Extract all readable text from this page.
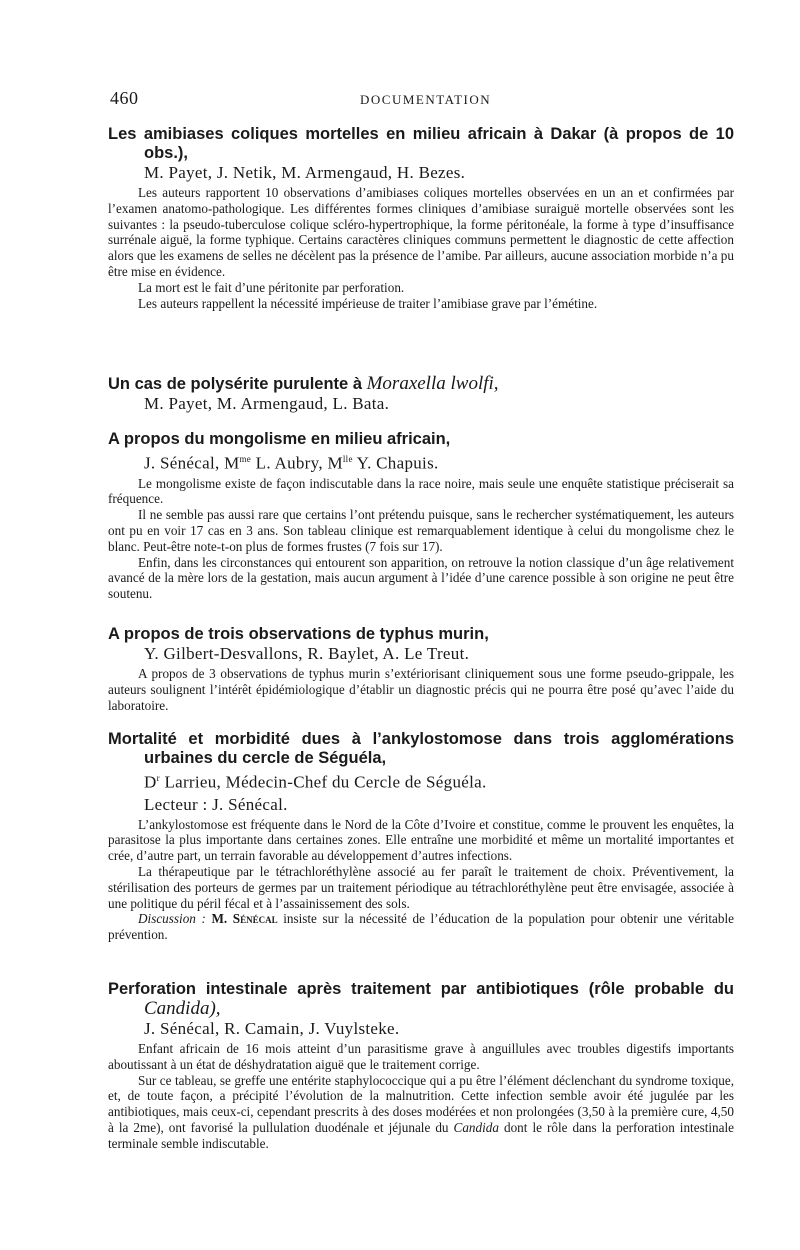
460	DOCUMENTATION

Les amibiases coliques mortelles en milieu africain à Dakar (à propos de 10 obs.),

M. Payet, J. Netik, M. Armengaud, H. Bezes.

Les auteurs rapportent 10 observations d’amibiases coliques mortelles observées en un an et confirmées par l’examen anatomo-pathologique. Les différentes formes cliniques d’amibiase suraiguë mortelle observées sont les suivantes : la pseudo-tuberculose colique scléro-hypertrophique, la forme péritonéale, la forme à type d’insuffisance surrénale aiguë, la forme typhique. Certains caractères cliniques communs permettent le diagnostic de cette affection alors que les examens de selles ne décèlent pas la présence de l’amibe. Par ailleurs, aucune association morbide n’a pu être mise en évidence.

La mort est le fait d’une péritonite par perforation.

Les auteurs rappellent la nécessité impérieuse de traiter l’amibiase grave par l’émétine.

Un cas de polysérite purulente à Moraxella lwolfi,

M. Payet, M. Armengaud, L. Bata.

A propos du mongolisme en milieu africain,

J. Sénécal, $M^{me}$ L. Aubry, $M^{lle}$ Y. Chapuis.

Le mongolisme existe de façon indiscutable dans la race noire, mais seule une enquête statistique préciserait sa fréquence.

Il ne semble pas aussi rare que certains l’ont prétendu puisque, sans le rechercher systématiquement, les auteurs ont pu en voir 17 cas en 3 ans. Son tableau clinique est remarquablement identique à celui du mongolisme chez le blanc. Peut-être note-t-on plus de formes frustes (7 fois sur 17).

Enfin, dans les circonstances qui entourent son apparition, on retrouve la notion classique d’un âge relativement avancé de la mère lors de la gestation, mais aucun argument à l’idée d’une carence possible à son origine ne peut être soutenu.

A propos de trois observations de typhus murin,

Y. Gilbert-Desvallons, R. Baylet, A. Le Treut.

A propos de 3 observations de typhus murin s’extériorisant cliniquement sous une forme pseudo-grippale, les auteurs soulignent l’intérêt épidémiologique d’établir un diagnostic précis qui ne pourra être posé qu’avec l’aide du laboratoire.

Mortalité et morbidité dues à l’ankylostomose dans trois agglomérations urbaines du cercle de Séguéla,

$D^r$ Larrieu, Médecin-Chef du Cercle de Séguéla.

Lecteur : J. Sénécal.

L’ankylostomose est fréquente dans le Nord de la Côte d’Ivoire et constitue, comme le prouvent les enquêtes, la parasitose la plus importante dans certaines zones. Elle entraîne une morbidité et même un mortalité importantes et crée, d’autre part, un terrain favorable au développement d’autres infections.

La thérapeutique par le tétrachloréthylène associé au fer paraît le traitement de choix. Préventivement, la stérilisation des porteurs de germes par un traitement périodique au tétrachloréthylène peut être envisagée, associée à une politique du péril fécal et à l’assainissement des sols.

Discussion : M. Sénécal insiste sur la nécessité de l’éducation de la population pour obtenir une véritable prévention.

Perforation intestinale après traitement par antibiotiques (rôle probable du Candida),

J. Sénécal, R. Camain, J. Vuylsteke.

Enfant africain de 16 mois atteint d’un parasitisme grave à anguillules avec troubles digestifs importants aboutissant à un état de déshydratation aiguë que le traitement corrige.

Sur ce tableau, se greffe une entérite staphylococcique qui a pu être l’élément déclenchant du syndrome toxique, et, de toute façon, a précipité l’évolution de la malnutrition. Cette infection semble avoir été jugulée par les antibiotiques, mais ceux-ci, cependant prescrits à des doses modérées et non prolongées (3,50 à la première cure, 4,50 à la 2me), ont favorisé la pullulation duodénale et jéjunale du Candida dont le rôle dans la perforation intestinale terminale semble indiscutable.
